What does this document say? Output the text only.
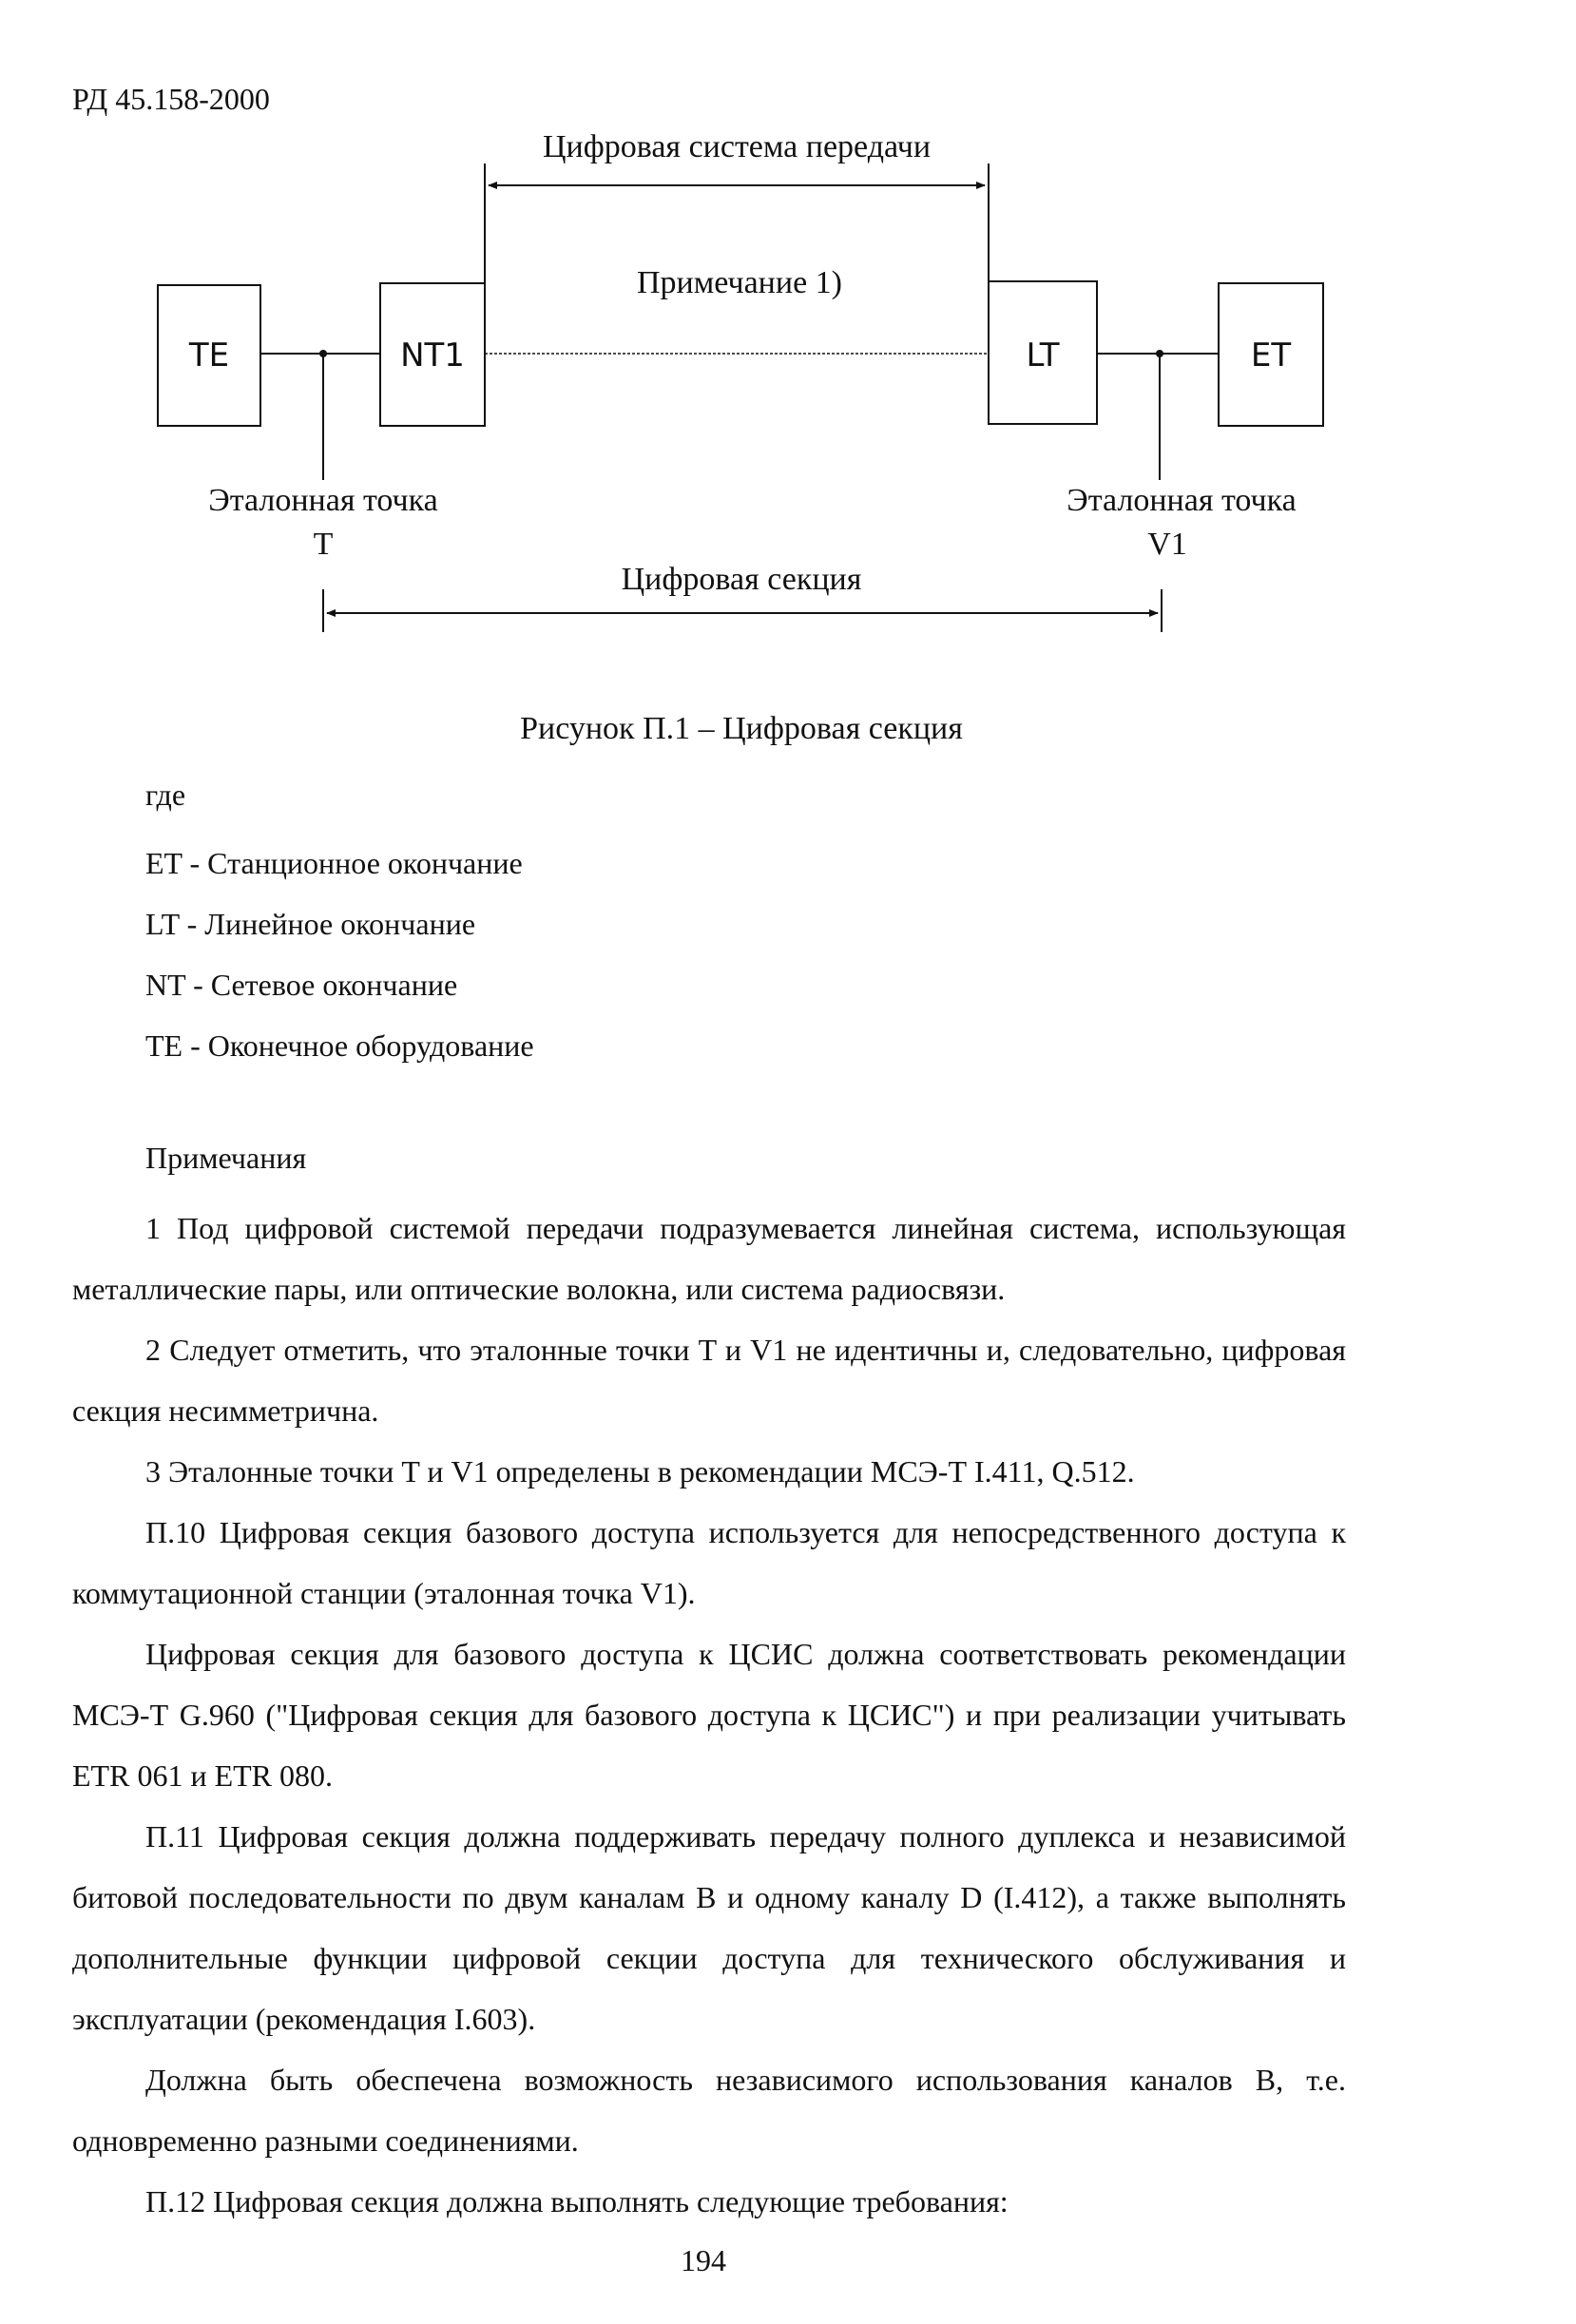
РД 45.158-2000
Цифровая система передачи
Примечание 1)
TE	NT1	LT	ET
Эталонная точка
T
Эталонная точка
V1
Цифровая секция
Рисунок П.1 – Цифровая секция
где
ET - Станционное окончание
LT - Линейное окончание
NT - Сетевое окончание
TE - Оконечное оборудование
Примечания

1 Под цифровой системой передачи подразумевается линейная система, использующая металлические пары, или оптические волокна, или система радиосвязи.

2 Следует отметить, что эталонные точки T и V1 не идентичны и, следовательно, цифровая секция несимметрична.

3 Эталонные точки T и V1 определены в рекомендации МСЭ-Т I.411, Q.512.

П.10 Цифровая секция базового доступа используется для непосредственного доступа к коммутационной станции (эталонная точка V1).

Цифровая секция для базового доступа к ЦСИС должна соответствовать рекомендации МСЭ-Т G.960 ("Цифровая секция для базового доступа к ЦСИС") и при реализации учитывать ETR 061 и ETR 080.

П.11 Цифровая секция должна поддерживать передачу полного дуплекса и независимой битовой последовательности по двум каналам B и одному каналу D (I.412), а также выполнять дополнительные функции цифровой секции доступа для технического обслуживания и эксплуатации (рекомендация I.603).

Должна быть обеспечена возможность независимого использования каналов B, т.е. одновременно разными соединениями.

П.12 Цифровая секция должна выполнять следующие требования:

194
